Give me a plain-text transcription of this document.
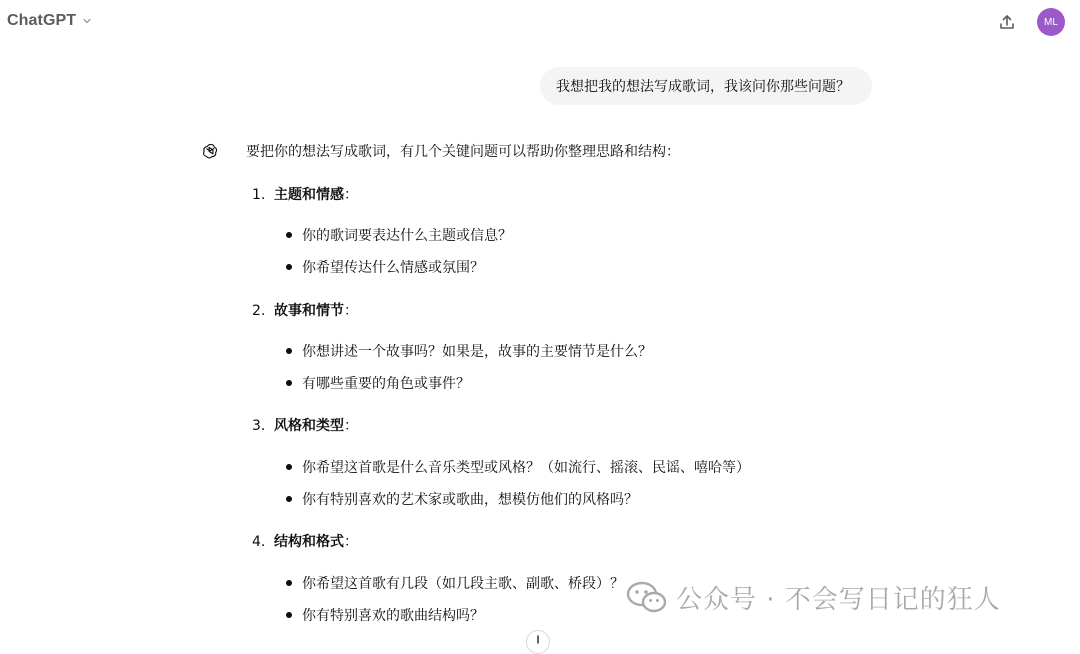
ChatGPT	ML
我想把我的想法写成歌词，我该问你那些问题？
要把你的想法写成歌词，有几个关键问题可以帮助你整理思路和结构：
1. 主题和情感：
你的歌词要表达什么主题或信息？
你希望传达什么情感或氛围？
2. 故事和情节：
你想讲述一个故事吗？如果是，故事的主要情节是什么？
有哪些重要的角色或事件？
3. 风格和类型：
你希望这首歌是什么音乐类型或风格？（如流行、摇滚、民谣、嘻哈等）
你有特别喜欢的艺术家或歌曲，想模仿他们的风格吗？
4. 结构和格式：
你希望这首歌有几段（如几段主歌、副歌、桥段）？
你有特别喜欢的歌曲结构吗？
公众号 · 不会写日记的狂人
